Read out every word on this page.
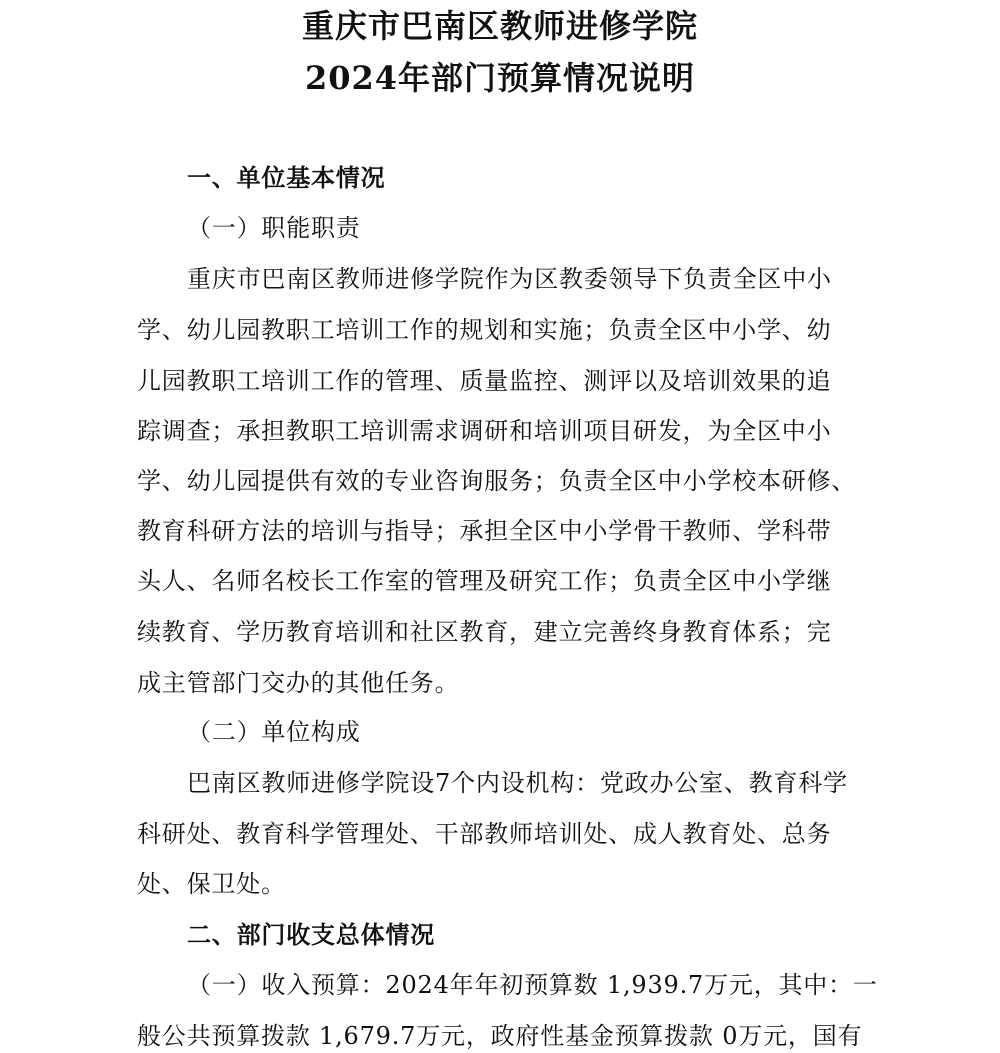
重庆市巴南区教师进修学院
2024年部门预算情况说明
一、单位基本情况
（一）职能职责
重庆市巴南区教师进修学院作为区教委领导下负责全区中小
学、幼儿园教职工培训工作的规划和实施；负责全区中小学、幼
儿园教职工培训工作的管理、质量监控、测评以及培训效果的追
踪调查；承担教职工培训需求调研和培训项目研发，为全区中小
学、幼儿园提供有效的专业咨询服务；负责全区中小学校本研修、
教育科研方法的培训与指导；承担全区中小学骨干教师、学科带
头人、名师名校长工作室的管理及研究工作；负责全区中小学继
续教育、学历教育培训和社区教育，建立完善终身教育体系；完
成主管部门交办的其他任务。
（二）单位构成
巴南区教师进修学院设7个内设机构：党政办公室、教育科学
科研处、教育科学管理处、干部教师培训处、成人教育处、总务
处、保卫处。
二、部门收支总体情况
（一）收入预算：2024年年初预算数 1,939.7万元，其中：一
般公共预算拨款 1,679.7万元，政府性基金预算拨款 0万元，国有
